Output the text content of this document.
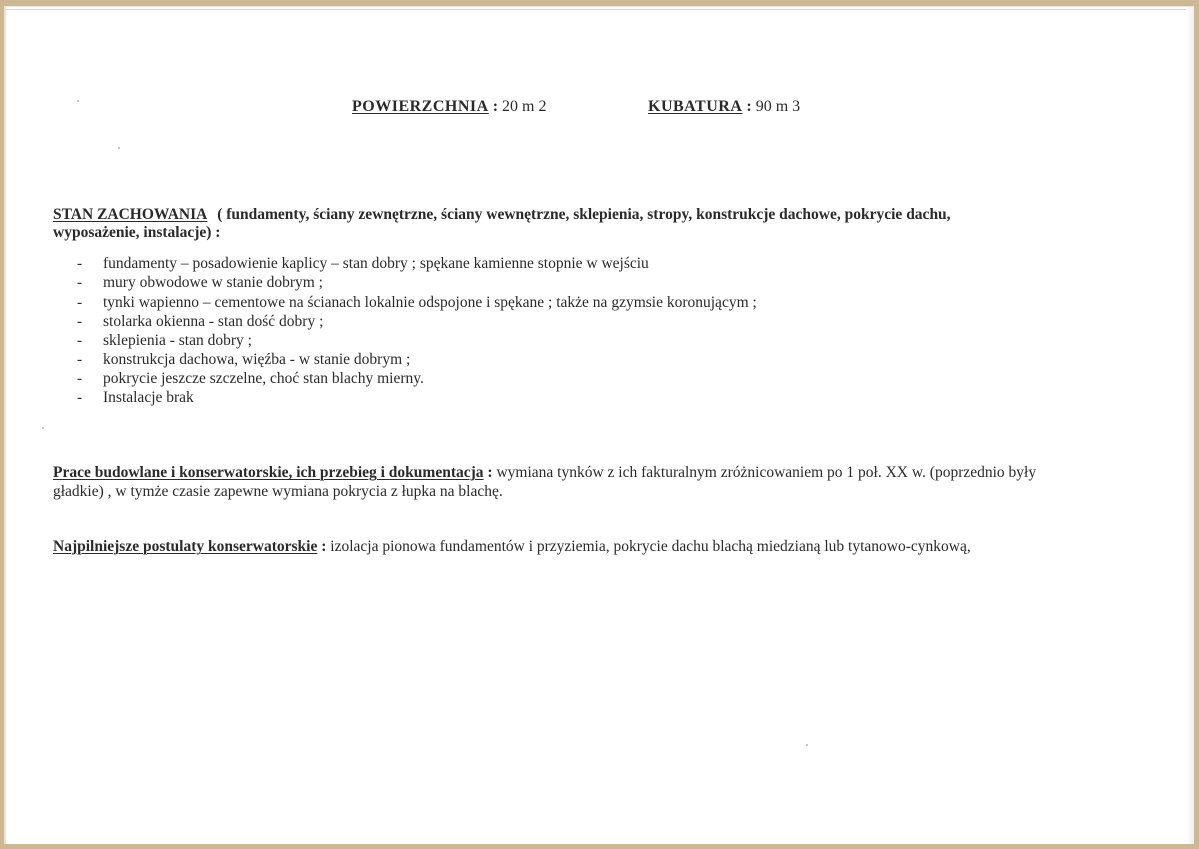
POWIERZCHNIA : 20 m 2	KUBATURA : 90 m 3
STAN ZACHOWANIA ( fundamenty, ściany zewnętrzne, ściany wewnętrzne, sklepienia, stropy, konstrukcje dachowe, pokrycie dachu,
wyposażenie, instalacje) :
- fundamenty – posadowienie kaplicy – stan dobry ; spękane kamienne stopnie w wejściu
- mury obwodowe w stanie dobrym ;
- tynki wapienno – cementowe na ścianach lokalnie odspojone i spękane ; także na gzymsie koronującym ;
- stolarka okienna - stan dość dobry ;
- sklepienia - stan dobry ;
- konstrukcja dachowa, więźba - w stanie dobrym ;
- pokrycie jeszcze szczelne, choć stan blachy mierny.
- Instalacje brak
Prace budowlane i konserwatorskie, ich przebieg i dokumentacja : wymiana tynków z ich fakturalnym zróżnicowaniem po 1 poł. XX w. (poprzednio były
gładkie) , w tymże czasie zapewne wymiana pokrycia z łupka na blachę.
Najpilniejsze postulaty konserwatorskie : izolacja pionowa fundamentów i przyziemia, pokrycie dachu blachą miedzianą lub tytanowo-cynkową,
